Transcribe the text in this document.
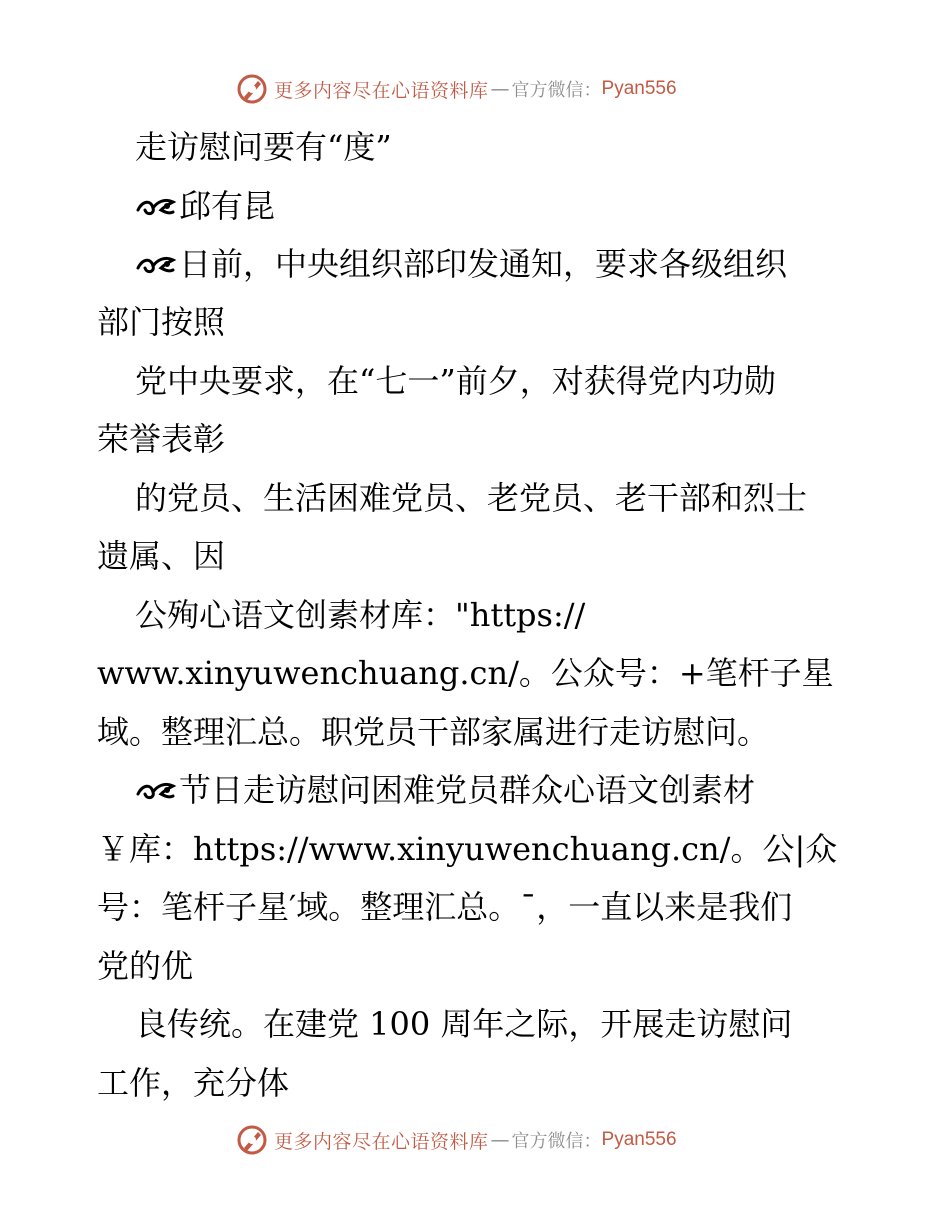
更多内容尽在心语资料库 — 官方微信： Pyan556
走访慰问要有“度”
邱有昆
日前，中央组织部印发通知，要求各级组织
部门按照
党中央要求，在“七一”前夕，对获得党内功勋
荣誉表彰
的党员、生活困难党员、老党员、老干部和烈士
遗属、因
公殉心语文创素材库："https://
www.xinyuwenchuang.cn/。公众号：+笔杆子星
域。整理汇总。职党员干部家属进行走访慰问。
节日走访慰问困难党员群众心语文创素材
￥库：https://www.xinyuwenchuang.cn/。公|众
号：笔杆子星′域。整理汇总。¯，一直以来是我们
党的优
良传统。在建党 100 周年之际，开展走访慰问
工作，充分体
更多内容尽在心语资料库 — 官方微信： Pyan556
